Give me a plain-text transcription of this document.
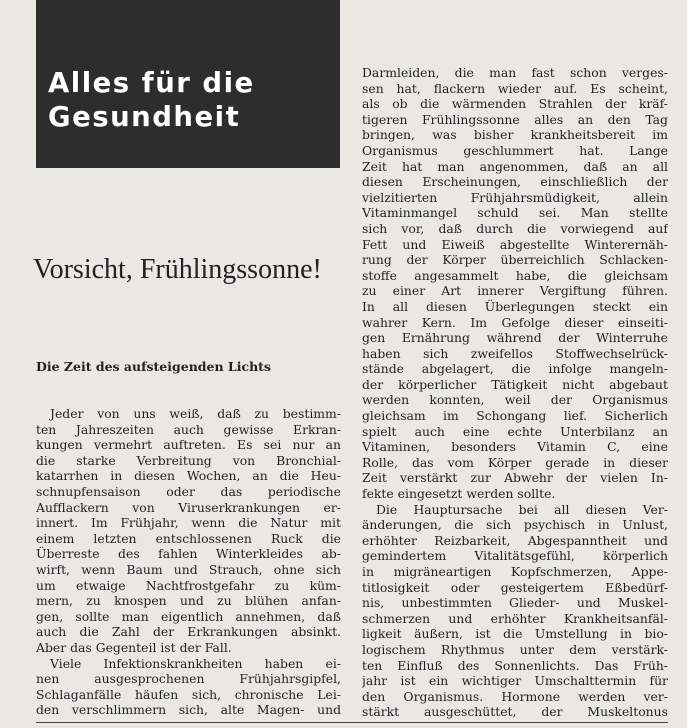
Alles für die
Gesundheit
Vorsicht, Frühlingssonne!
Die Zeit des aufsteigenden Lichts
Jeder von uns weiß, daß zu bestimm-
ten Jahreszeiten auch gewisse Erkran-
kungen vermehrt auftreten. Es sei nur an
die starke Verbreitung von Bronchial-
katarrhen in diesen Wochen, an die Heu-
schnupfensaison oder das periodische
Aufflackern von Viruserkrankungen er-
innert. Im Frühjahr, wenn die Natur mit
einem letzten entschlossenen Ruck die
Überreste des fahlen Winterkleides ab-
wirft, wenn Baum und Strauch, ohne sich
um etwaige Nachtfrostgefahr zu küm-
mern, zu knospen und zu blühen anfan-
gen, sollte man eigentlich annehmen, daß
auch die Zahl der Erkrankungen absinkt.
Aber das Gegenteil ist der Fall.
Viele Infektionskrankheiten haben ei-
nen ausgesprochenen Frühjahrsgipfel,
Schlaganfälle häufen sich, chronische Lei-
den verschlimmern sich, alte Magen- und
Darmleiden, die man fast schon verges-
sen hat, flackern wieder auf. Es scheint,
als ob die wärmenden Strahlen der kräf-
tigeren Frühlingssonne alles an den Tag
bringen, was bisher krankheitsbereit im
Organismus geschlummert hat. Lange
Zeit hat man angenommen, daß an all
diesen Erscheinungen, einschließlich der
vielzitierten Frühjahrsmüdigkeit, allein
Vitaminmangel schuld sei. Man stellte
sich vor, daß durch die vorwiegend auf
Fett und Eiweiß abgestellte Winterernäh-
rung der Körper überreichlich Schlacken-
stoffe angesammelt habe, die gleichsam
zu einer Art innerer Vergiftung führen.
In all diesen Überlegungen steckt ein
wahrer Kern. Im Gefolge dieser einseiti-
gen Ernährung während der Winterruhe
haben sich zweifellos Stoffwechselrück-
stände abgelagert, die infolge mangeln-
der körperlicher Tätigkeit nicht abgebaut
werden konnten, weil der Organismus
gleichsam im Schongang lief. Sicherlich
spielt auch eine echte Unterbilanz an
Vitaminen, besonders Vitamin C, eine
Rolle, das vom Körper gerade in dieser
Zeit verstärkt zur Abwehr der vielen In-
fekte eingesetzt werden sollte.
Die Hauptursache bei all diesen Ver-
änderungen, die sich psychisch in Unlust,
erhöhter Reizbarkeit, Abgespanntheit und
gemindertem Vitalitätsgefühl, körperlich
in migräneartigen Kopfschmerzen, Appe-
titlosigkeit oder gesteigertem Eßbedürf-
nis, unbestimmten Glieder- und Muskel-
schmerzen und erhöhter Krankheitsanfäl-
ligkeit äußern, ist die Umstellung in bio-
logischem Rhythmus unter dem verstärk-
ten Einfluß des Sonnenlichts. Das Früh-
jahr ist ein wichtiger Umschalttermin für
den Organismus. Hormone werden ver-
stärkt ausgeschüttet, der Muskeltonus
